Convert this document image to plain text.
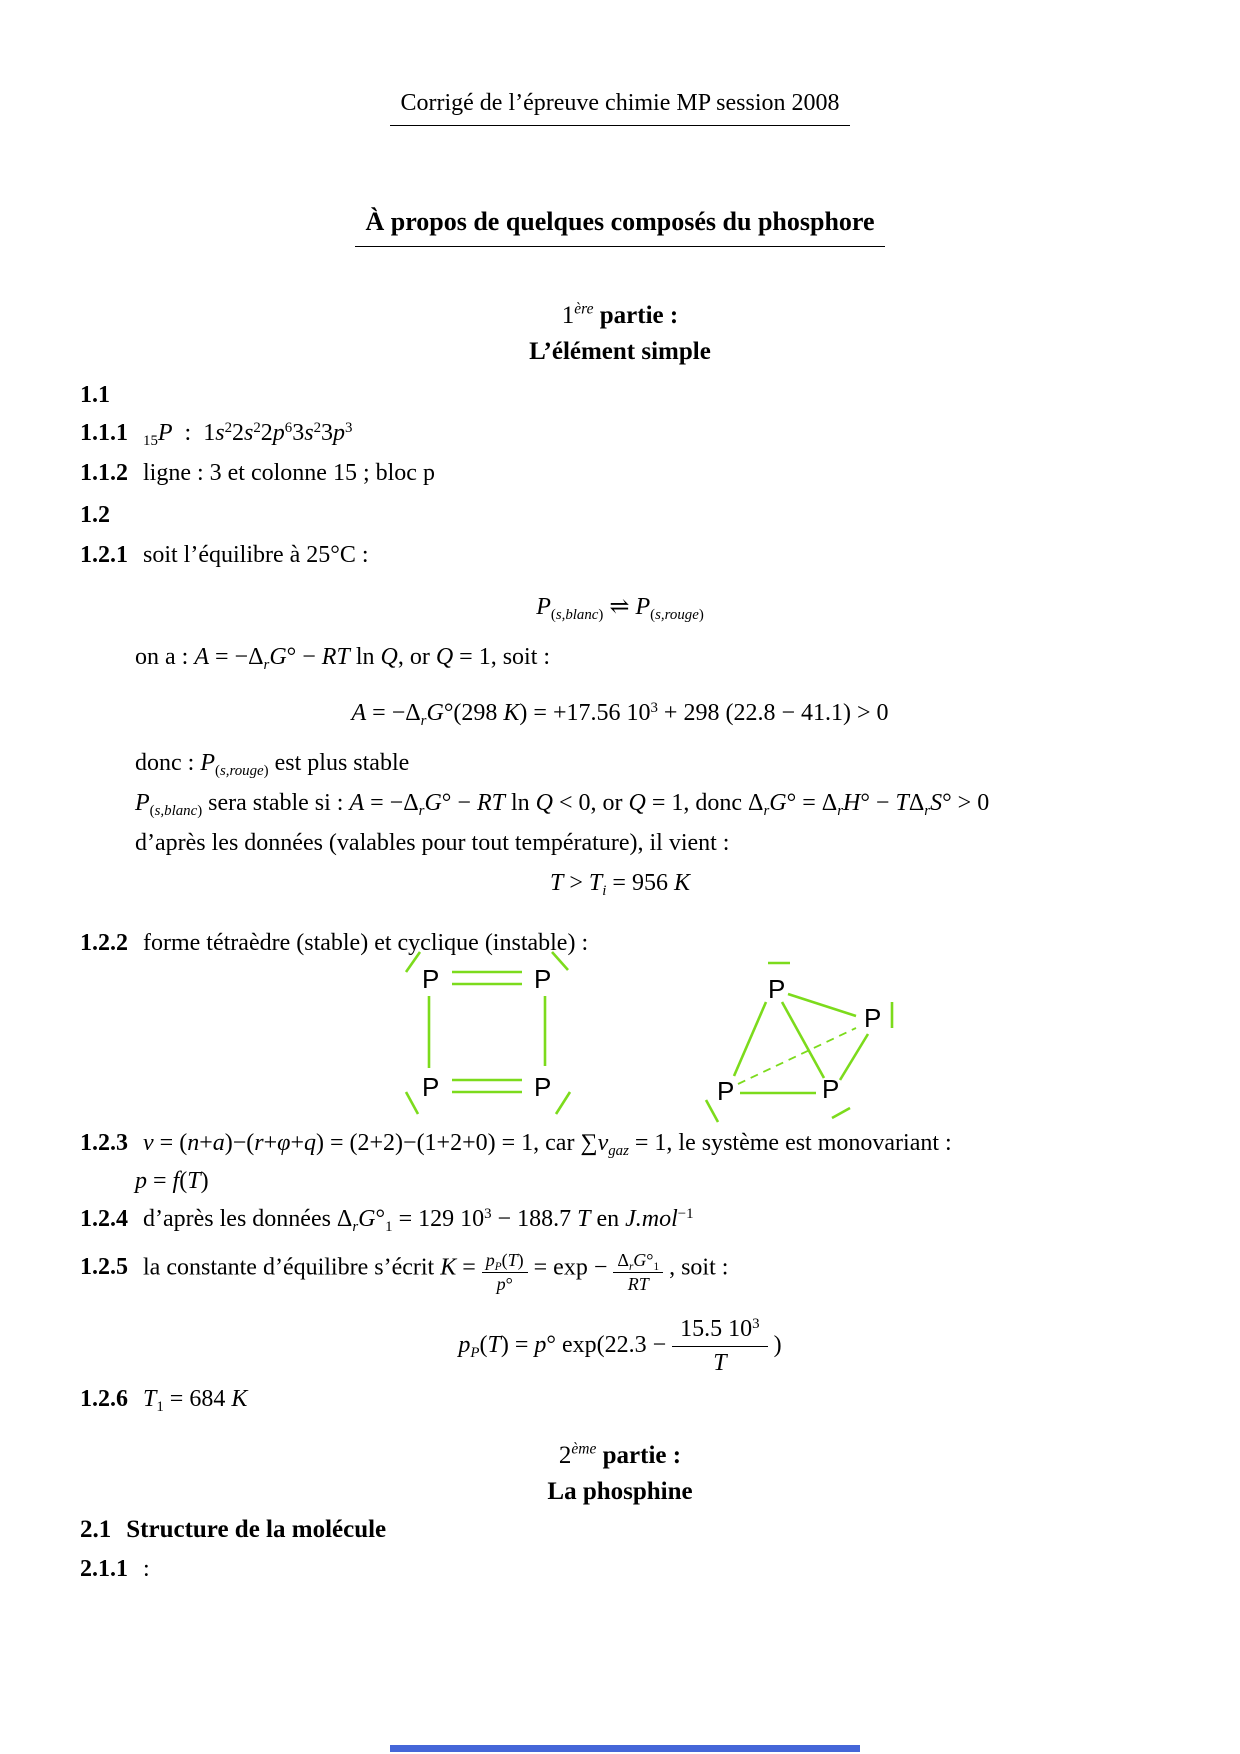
Corrigé de l’épreuve chimie MP session 2008
À propos de quelques composés du phosphore
1ère partie :
L’élément simple
1.1
1.1.1 $_{15}$P  :  $1s^22s^22p^63s^23p^3$
1.1.2 ligne : 3 et colonne 15 ; bloc p
1.2
1.2.1 soit l’équilibre à 25°C :
$P_{(s,blanc)}$ ⇌ $P_{(s,rouge)}$
on a : $A = -\Delta_rG^\circ$ − RT ln Q, or Q = 1, soit :
$A = -\Delta_rG^\circ(298$ K) = +17.56 $10^3 + 298$ (22.8 − 41.1) > 0
donc : $P_{(s,rouge)}$ est plus stable
$P_{(s,blanc)}$ sera stable si : $A = -\Delta_rG^\circ$ − RT ln Q < 0, or Q = 1, donc $\Delta_rG^\circ = \Delta_rH^\circ - T\Delta_rS^\circ > 0$
d’après les données (valables pour tout température), il vient :
$T > T_i = 956$ K
1.2.2 forme tétraèdre (stable) et cyclique (instable) :
P	P
P	P
P
P
P	P
1.2.3 v = (n+a)−(r+φ+q) = (2+2)−(1+2+0) = 1, car $\sum\nu_{gaz} = 1$, le système est monovariant :
p = f(T)
1.2.4 d’après les données $\Delta_rG^\circ_1 = 129$ $10^3 - 188.7$ T en J.mol$^{-1}$
1.2.5 la constante d’équilibre s’écrit $K = \frac{p_P(T)}{p^\circ} = \exp - \Delta_rG^\circ_1$
RT
, soit :
$p_P(T) = p^\circ$ $\exp(22.3 - \frac{15.5 10^3}{T}$ )
1.2.6 $T_1 = 684$ K
2ème partie :
La phosphine
2.1 Structure de la molécule
2.1.1 :
